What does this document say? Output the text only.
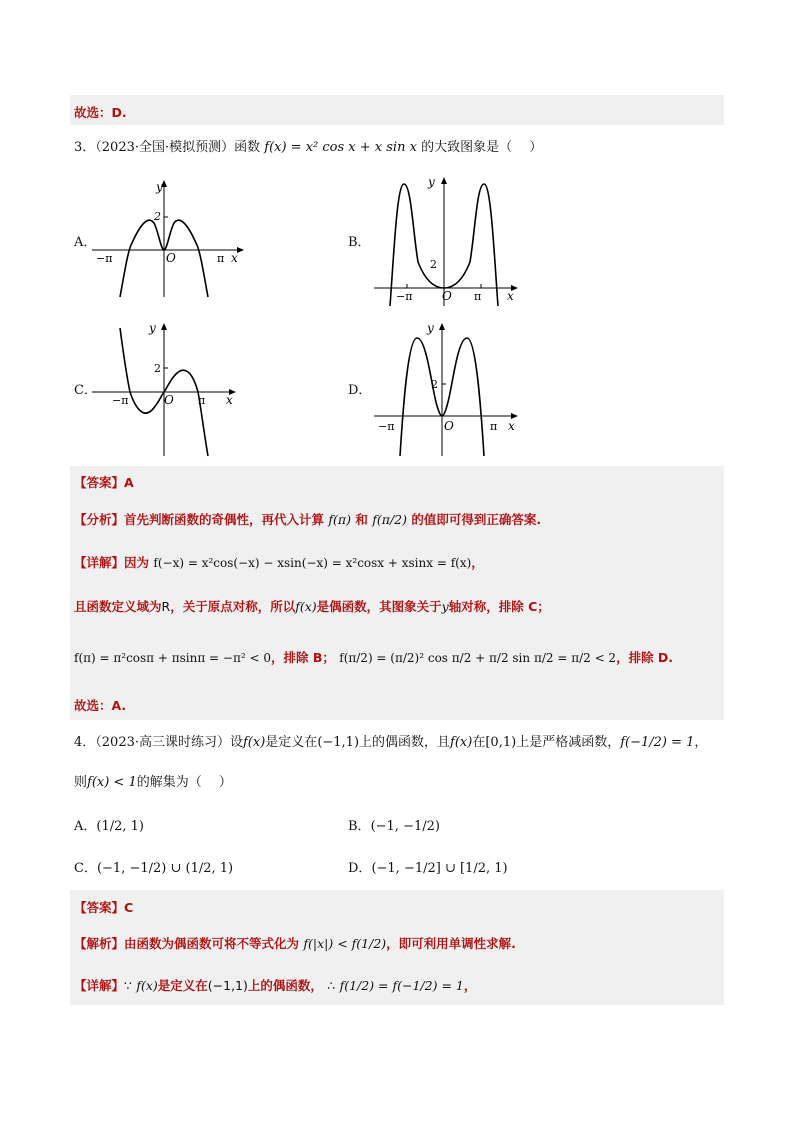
故选：D.
3．（2023·全国·模拟预测）函数 f(x) = x² cos x + x sin x 的大致图象是（　 ）
A．	B．
C．	D．
2
y
x
O
−π	π	2
y
x
O
−π	π
2
y
x
O
−π	π
2
y
x
O
−π	π
【答案】A
【分析】首先判断函数的奇偶性，再代入计算 f(π) 和 f(π/2) 的值即可得到正确答案.
【详解】因为 f(−x) = x²cos(−x) − xsin(−x) = x²cosx + xsinx = f(x)，
且函数定义域为R，关于原点对称，所以f(x)是偶函数，其图象关于y轴对称，排除 C；
f(π) = π²cosπ + πsinπ = −π² < 0，排除 B； f(π/2) = (π/2)² cos π/2 + π/2 sin π/2 = π/2 < 2，排除 D.
故选：A.
4．（2023·高三课时练习）设f(x)是定义在(−1,1)上的偶函数，且f(x)在[0,1)上是严格减函数，f(−1/2) = 1，
则f(x) < 1的解集为（　 ）
A．(1/2, 1)	B．(−1, −1/2)
C．(−1, −1/2) ∪ (1/2, 1)	D．(−1, −1/2] ∪ [1/2, 1)
【答案】C
【解析】由函数为偶函数可将不等式化为 f(|x|) < f(1/2)，即可利用单调性求解.
【详解】∵ f(x)是定义在(−1,1)上的偶函数， ∴ f(1/2) = f(−1/2) = 1，
